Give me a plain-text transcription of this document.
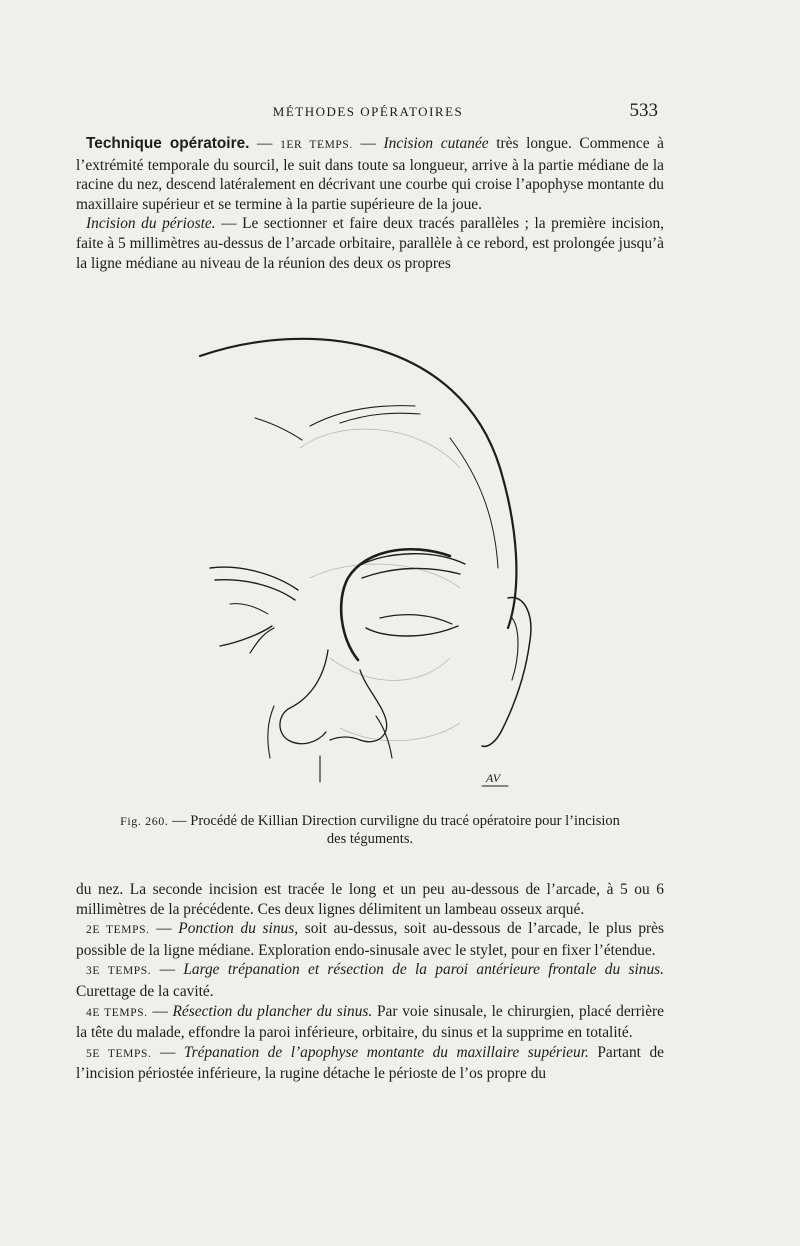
MÉTHODES OPÉRATOIRES	533

Technique opératoire. — 1ER TEMPS. — Incision cutanée très longue. Commence à l’extrémité temporale du sourcil, le suit dans toute sa longueur, arrive à la partie médiane de la racine du nez, descend latéralement en décrivant une courbe qui croise l’apophyse montante du maxillaire supérieur et se termine à la partie supérieure de la joue.

Incision du périoste. — Le sectionner et faire deux tracés parallèles ; la première incision, faite à 5 millimètres au-dessus de l’arcade orbitaire, parallèle à ce rebord, est prolongée jusqu’à la ligne médiane au niveau de la réunion des deux os propres

AV
Fig. 260. — Procédé de Killian Direction curviligne du tracé opératoire pour l’incision des téguments.

du nez. La seconde incision est tracée le long et un peu au-dessous de l’arcade, à 5 ou 6 millimètres de la précédente. Ces deux lignes délimitent un lambeau osseux arqué.

2E TEMPS. — Ponction du sinus, soit au-dessus, soit au-dessous de l’arcade, le plus près possible de la ligne médiane. Exploration endo-sinusale avec le stylet, pour en fixer l’étendue.

3E TEMPS. — Large trépanation et résection de la paroi antérieure frontale du sinus. Curettage de la cavité.

4E TEMPS. — Résection du plancher du sinus. Par voie sinusale, le chirurgien, placé derrière la tête du malade, effondre la paroi inférieure, orbitaire, du sinus et la supprime en totalité.

5E TEMPS. — Trépanation de l’apophyse montante du maxillaire supérieur. Partant de l’incision périostée inférieure, la rugine détache le périoste de l’os propre du
